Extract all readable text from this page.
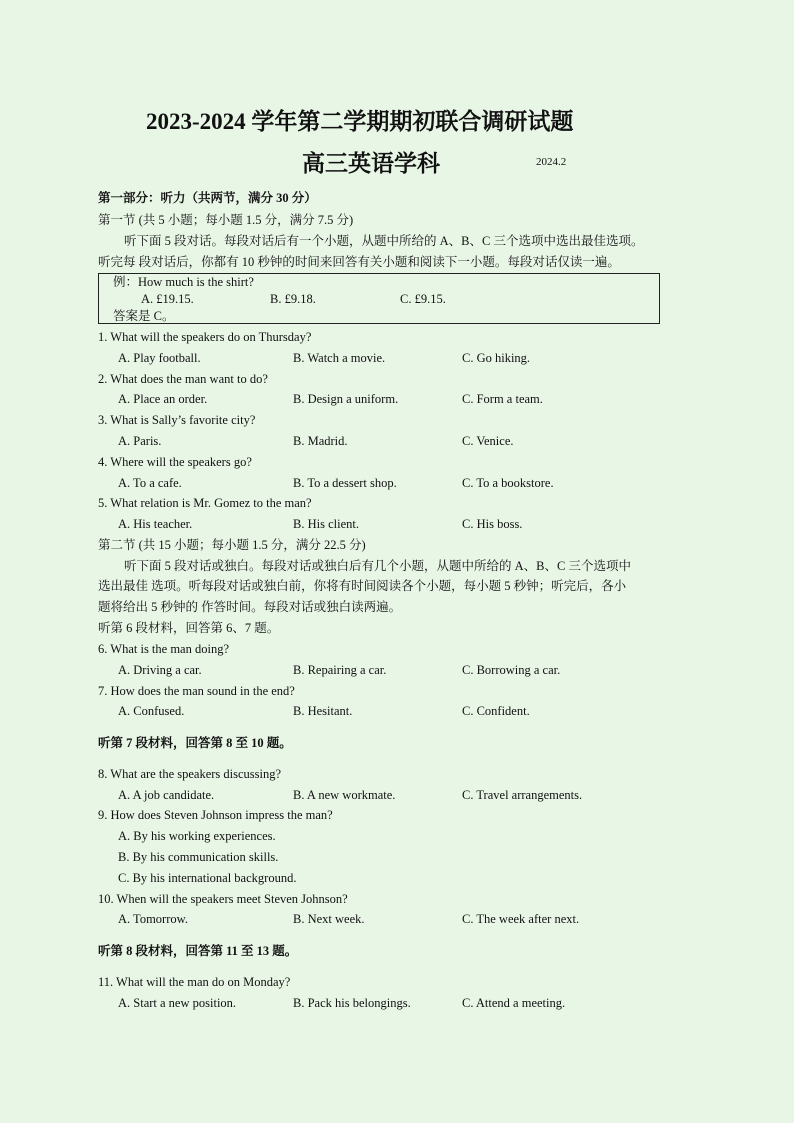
2023-2024 学年第二学期期初联合调研试题
高三英语学科	2024.2
第一部分：听力（共两节，满分 30 分）
第一节 (共 5 小题；每小题 1.5 分，满分 7.5 分)
听下面 5 段对话。每段对话后有一个小题，从题中所给的 A、B、C 三个选项中选出最佳选项。
听完每 段对话后，你都有 10 秒钟的时间来回答有关小题和阅读下一小题。每段对话仅读一遍。
例：How much is the shirt?
A. £19.15.	B. £9.18.	C. £9.15.
答案是 C。
1. What will the speakers do on Thursday?
A. Play football.	B. Watch a movie.	C. Go hiking.
2. What does the man want to do?
A. Place an order.	B. Design a uniform.	C. Form a team.
3. What is Sally’s favorite city?
A. Paris.	B. Madrid.	C. Venice.
4. Where will the speakers go?
A. To a cafe.	B. To a dessert shop.	C. To a bookstore.
5. What relation is Mr. Gomez to the man?
A. His teacher.	B. His client.	C. His boss.
第二节 (共 15 小题；每小题 1.5 分，满分 22.5 分)
听下面 5 段对话或独白。每段对话或独白后有几个小题，从题中所给的 A、B、C 三个选项中
选出最佳 选项。听每段对话或独白前，你将有时间阅读各个小题，每小题 5 秒钟；听完后，各小
题将给出 5 秒钟的 作答时间。每段对话或独白读两遍。
听第 6 段材料，回答第 6、7 题。
6. What is the man doing?
A. Driving a car.	B. Repairing a car.	C. Borrowing a car.
7. How does the man sound in the end?
A. Confused.	B. Hesitant.	C. Confident.
听第 7 段材料，回答第 8 至 10 题。
8. What are the speakers discussing?
A. A job candidate.	B. A new workmate.	C. Travel arrangements.
9. How does Steven Johnson impress the man?
A. By his working experiences.
B. By his communication skills.
C. By his international background.
10. When will the speakers meet Steven Johnson?
A. Tomorrow.	B. Next week.	C. The week after next.
听第 8 段材料，回答第 11 至 13 题。
11. What will the man do on Monday?
A. Start a new position.	B. Pack his belongings.	C. Attend a meeting.
